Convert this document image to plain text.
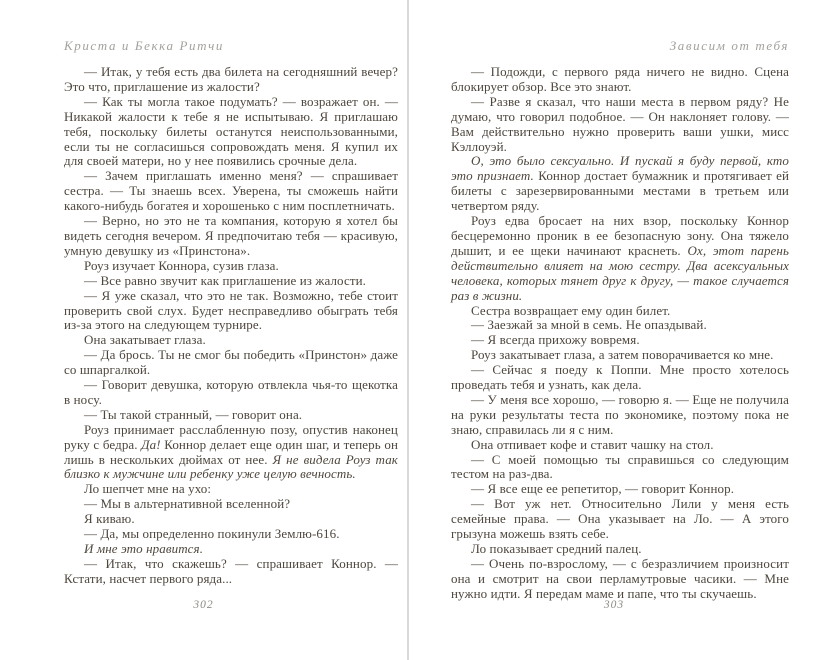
Криста и Бекка Ритчи

— Итак, у тебя есть два билета на сегодняшний вечер? Это что, приглашение из жалости?

— Как ты могла такое подумать? — возражает он. — Никакой жалости к тебе я не испытываю. Я приглашаю тебя, поскольку билеты останутся неиспользованными, если ты не согласишься сопровождать меня. Я купил их для своей матери, но у нее появились срочные дела.

— Зачем приглашать именно меня? — спрашивает сестра. — Ты знаешь всех. Уверена, ты сможешь найти какого-нибудь богатея и хорошенько с ним посплетничать.

— Верно, но это не та компания, которую я хотел бы видеть сегодня вечером. Я предпочитаю тебя — красивую, умную девушку из «Принстона».

Роуз изучает Коннора, сузив глаза.

— Все равно звучит как приглашение из жалости.

— Я уже сказал, что это не так. Возможно, тебе стоит проверить свой слух. Будет несправедливо обыграть тебя из-за этого на следующем турнире.

Она закатывает глаза.

— Да брось. Ты не смог бы победить «Принстон» даже со шпаргалкой.

— Говорит девушка, которую отвлекла чья-то щекотка в носу.

— Ты такой странный, — говорит она.

Роуз принимает расслабленную позу, опустив наконец руку с бедра. Да! Коннор делает еще один шаг, и теперь он лишь в нескольких дюймах от нее. Я не видела Роуз так близко к мужчине или ребенку уже целую вечность.

Ло шепчет мне на ухо:

— Мы в альтернативной вселенной?

Я киваю.

— Да, мы определенно покинули Землю-616.

И мне это нравится.

— Итак, что скажешь? — спрашивает Коннор. — Кстати, насчет первого ряда...

302
Зависим от тебя

— Подожди, с первого ряда ничего не видно. Сцена блокирует обзор. Все это знают.

— Разве я сказал, что наши места в первом ряду? Не думаю, что говорил подобное. — Он наклоняет голову. — Вам действительно нужно проверить ваши ушки, мисс Кэллоуэй.

О, это было сексуально. И пускай я буду первой, кто это признает. Коннор достает бумажник и протягивает ей билеты с зарезервированными местами в третьем или четвертом ряду.

Роуз едва бросает на них взор, поскольку Коннор бесцеремонно проник в ее безопасную зону. Она тяжело дышит, и ее щеки начинают краснеть. Ох, этот парень действительно влияет на мою сестру. Два асексуальных человека, которых тянет друг к другу, — такое случается раз в жизни.

Сестра возвращает ему один билет.

— Заезжай за мной в семь. Не опаздывай.

— Я всегда прихожу вовремя.

Роуз закатывает глаза, а затем поворачивается ко мне.

— Сейчас я поеду к Поппи. Мне просто хотелось проведать тебя и узнать, как дела.

— У меня все хорошо, — говорю я. — Еще не получила на руки результаты теста по экономике, поэтому пока не знаю, справилась ли я с ним.

Она отпивает кофе и ставит чашку на стол.

— С моей помощью ты справишься со следующим тестом на раз-два.

— Я все еще ее репетитор, — говорит Коннор.

— Вот уж нет. Относительно Лили у меня есть семейные права. — Она указывает на Ло. — А этого грызуна можешь взять себе.

Ло показывает средний палец.

— Очень по-взрослому, — с безразличием произносит она и смотрит на свои перламутровые часики. — Мне нужно идти. Я передам маме и папе, что ты скучаешь.

303
